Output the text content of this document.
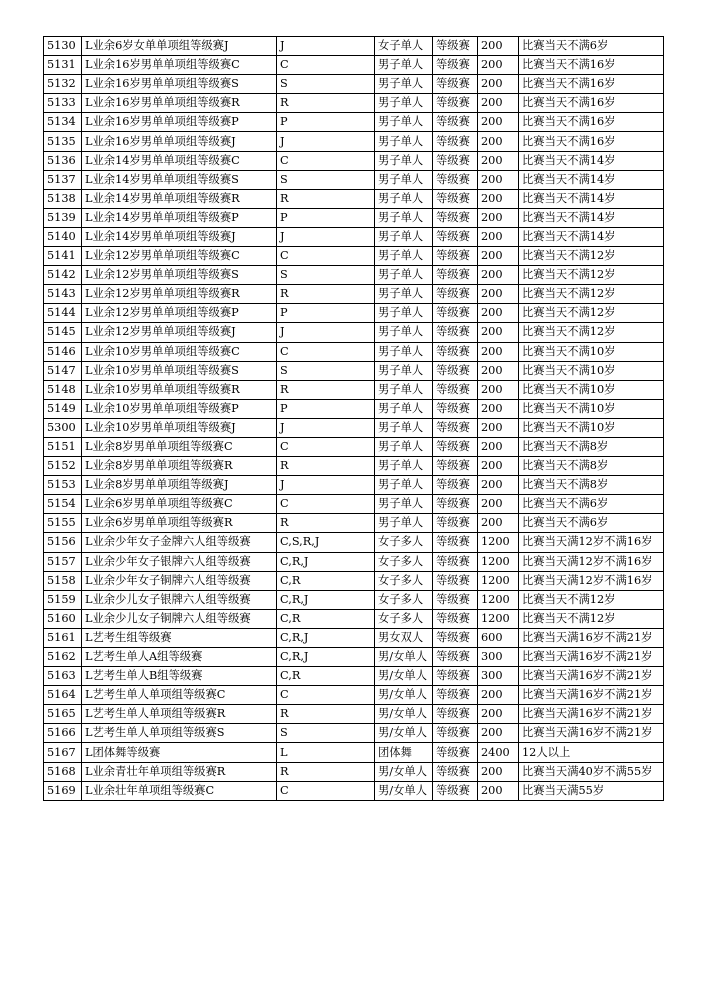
5130	L业余6岁女单单项组等级赛J	J	女子单人	等级赛	200	比赛当天不满6岁
5131	L业余16岁男单单项组等级赛C	C	男子单人	等级赛	200	比赛当天不满16岁
5132	L业余16岁男单单项组等级赛S	S	男子单人	等级赛	200	比赛当天不满16岁
5133	L业余16岁男单单项组等级赛R	R	男子单人	等级赛	200	比赛当天不满16岁
5134	L业余16岁男单单项组等级赛P	P	男子单人	等级赛	200	比赛当天不满16岁
5135	L业余16岁男单单项组等级赛J	J	男子单人	等级赛	200	比赛当天不满16岁
5136	L业余14岁男单单项组等级赛C	C	男子单人	等级赛	200	比赛当天不满14岁
5137	L业余14岁男单单项组等级赛S	S	男子单人	等级赛	200	比赛当天不满14岁
5138	L业余14岁男单单项组等级赛R	R	男子单人	等级赛	200	比赛当天不满14岁
5139	L业余14岁男单单项组等级赛P	P	男子单人	等级赛	200	比赛当天不满14岁
5140	L业余14岁男单单项组等级赛J	J	男子单人	等级赛	200	比赛当天不满14岁
5141	L业余12岁男单单项组等级赛C	C	男子单人	等级赛	200	比赛当天不满12岁
5142	L业余12岁男单单项组等级赛S	S	男子单人	等级赛	200	比赛当天不满12岁
5143	L业余12岁男单单项组等级赛R	R	男子单人	等级赛	200	比赛当天不满12岁
5144	L业余12岁男单单项组等级赛P	P	男子单人	等级赛	200	比赛当天不满12岁
5145	L业余12岁男单单项组等级赛J	J	男子单人	等级赛	200	比赛当天不满12岁
5146	L业余10岁男单单项组等级赛C	C	男子单人	等级赛	200	比赛当天不满10岁
5147	L业余10岁男单单项组等级赛S	S	男子单人	等级赛	200	比赛当天不满10岁
5148	L业余10岁男单单项组等级赛R	R	男子单人	等级赛	200	比赛当天不满10岁
5149	L业余10岁男单单项组等级赛P	P	男子单人	等级赛	200	比赛当天不满10岁
5300	L业余10岁男单单项组等级赛J	J	男子单人	等级赛	200	比赛当天不满10岁
5151	L业余8岁男单单项组等级赛C	C	男子单人	等级赛	200	比赛当天不满8岁
5152	L业余8岁男单单项组等级赛R	R	男子单人	等级赛	200	比赛当天不满8岁
5153	L业余8岁男单单项组等级赛J	J	男子单人	等级赛	200	比赛当天不满8岁
5154	L业余6岁男单单项组等级赛C	C	男子单人	等级赛	200	比赛当天不满6岁
5155	L业余6岁男单单项组等级赛R	R	男子单人	等级赛	200	比赛当天不满6岁
5156	L业余少年女子金牌六人组等级赛	C,S,R,J	女子多人	等级赛	1200	比赛当天满12岁不满16岁
5157	L业余少年女子银牌六人组等级赛	C,R,J	女子多人	等级赛	1200	比赛当天满12岁不满16岁
5158	L业余少年女子铜牌六人组等级赛	C,R	女子多人	等级赛	1200	比赛当天满12岁不满16岁
5159	L业余少儿女子银牌六人组等级赛	C,R,J	女子多人	等级赛	1200	比赛当天不满12岁
5160	L业余少儿女子铜牌六人组等级赛	C,R	女子多人	等级赛	1200	比赛当天不满12岁
5161	L艺考生组等级赛	C,R,J	男女双人	等级赛	600	比赛当天满16岁不满21岁
5162	L艺考生单人A组等级赛	C,R,J	男/女单人	等级赛	300	比赛当天满16岁不满21岁
5163	L艺考生单人B组等级赛	C,R	男/女单人	等级赛	300	比赛当天满16岁不满21岁
5164	L艺考生单人单项组等级赛C	C	男/女单人	等级赛	200	比赛当天满16岁不满21岁
5165	L艺考生单人单项组等级赛R	R	男/女单人	等级赛	200	比赛当天满16岁不满21岁
5166	L艺考生单人单项组等级赛S	S	男/女单人	等级赛	200	比赛当天满16岁不满21岁
5167	L团体舞等级赛	L	团体舞	等级赛	2400	12人以上
5168	L业余青壮年单项组等级赛R	R	男/女单人	等级赛	200	比赛当天满40岁不满55岁
5169	L业余壮年单项组等级赛C	C	男/女单人	等级赛	200	比赛当天满55岁
